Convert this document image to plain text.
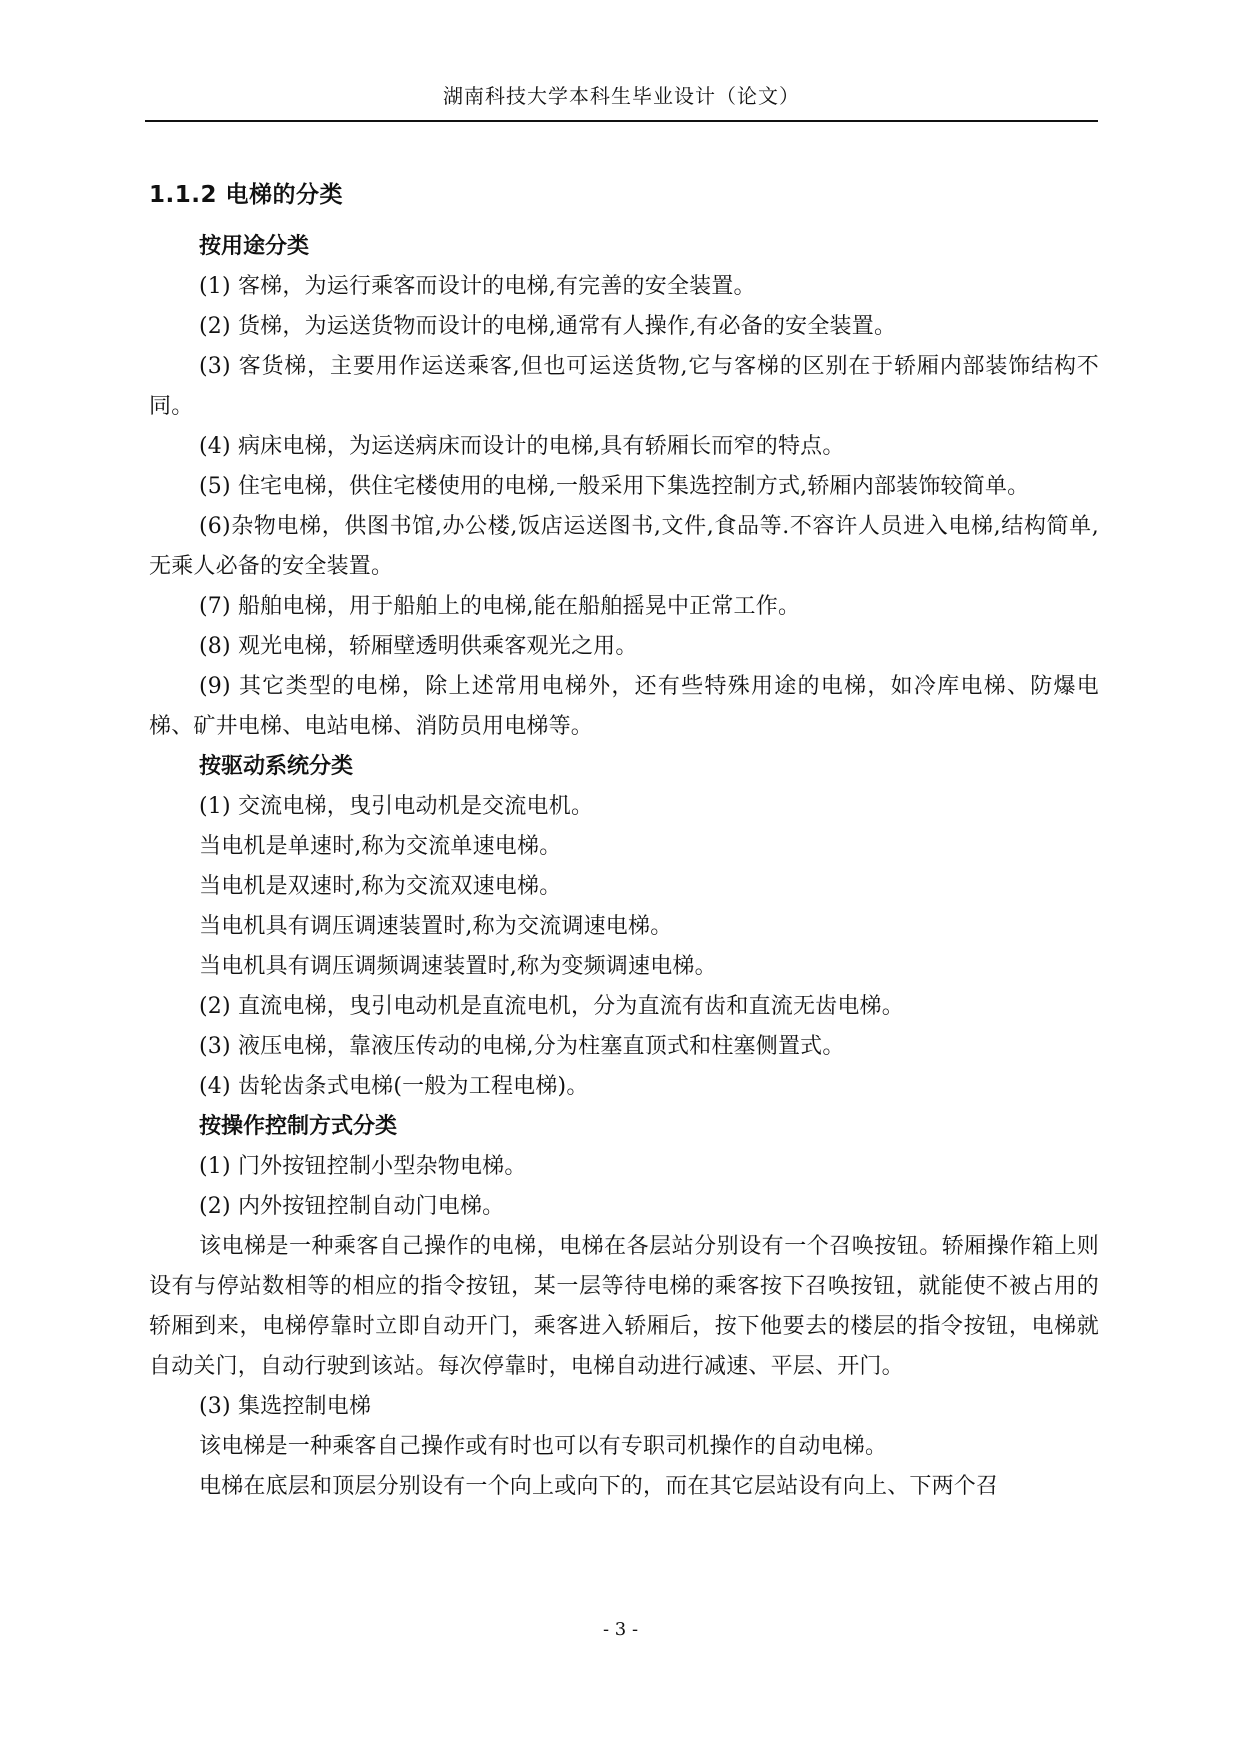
湖南科技大学本科生毕业设计（论文）
1.1.2 电梯的分类
按用途分类

(1) 客梯，为运行乘客而设计的电梯,有完善的安全装置。

(2) 货梯，为运送货物而设计的电梯,通常有人操作,有必备的安全装置。

(3) 客货梯，主要用作运送乘客,但也可运送货物,它与客梯的区别在于轿厢内部装饰结构不同。

(4) 病床电梯，为运送病床而设计的电梯,具有轿厢长而窄的特点。

(5) 住宅电梯，供住宅楼使用的电梯,一般采用下集选控制方式,轿厢内部装饰较简单。

(6)杂物电梯，供图书馆,办公楼,饭店运送图书,文件,食品等.不容许人员进入电梯,结构简单,无乘人必备的安全装置。

(7) 船舶电梯，用于船舶上的电梯,能在船舶摇晃中正常工作。

(8) 观光电梯，轿厢壁透明供乘客观光之用。

(9) 其它类型的电梯，除上述常用电梯外，还有些特殊用途的电梯，如冷库电梯、防爆电梯、矿井电梯、电站电梯、消防员用电梯等。

按驱动系统分类

(1) 交流电梯，曳引电动机是交流电机。

当电机是单速时,称为交流单速电梯。

当电机是双速时,称为交流双速电梯。

当电机具有调压调速装置时,称为交流调速电梯。

当电机具有调压调频调速装置时,称为变频调速电梯。

(2) 直流电梯，曳引电动机是直流电机，分为直流有齿和直流无齿电梯。

(3) 液压电梯，靠液压传动的电梯,分为柱塞直顶式和柱塞侧置式。

(4) 齿轮齿条式电梯(一般为工程电梯)。

按操作控制方式分类

(1) 门外按钮控制小型杂物电梯。

(2) 内外按钮控制自动门电梯。

该电梯是一种乘客自己操作的电梯，电梯在各层站分别设有一个召唤按钮。轿厢操作箱上则设有与停站数相等的相应的指令按钮，某一层等待电梯的乘客按下召唤按钮，就能使不被占用的轿厢到来，电梯停靠时立即自动开门，乘客进入轿厢后，按下他要去的楼层的指令按钮，电梯就自动关门，自动行驶到该站。每次停靠时，电梯自动进行减速、平层、开门。

(3) 集选控制电梯

该电梯是一种乘客自己操作或有时也可以有专职司机操作的自动电梯。

电梯在底层和顶层分别设有一个向上或向下的，而在其它层站设有向上、下两个召

- 3 -
